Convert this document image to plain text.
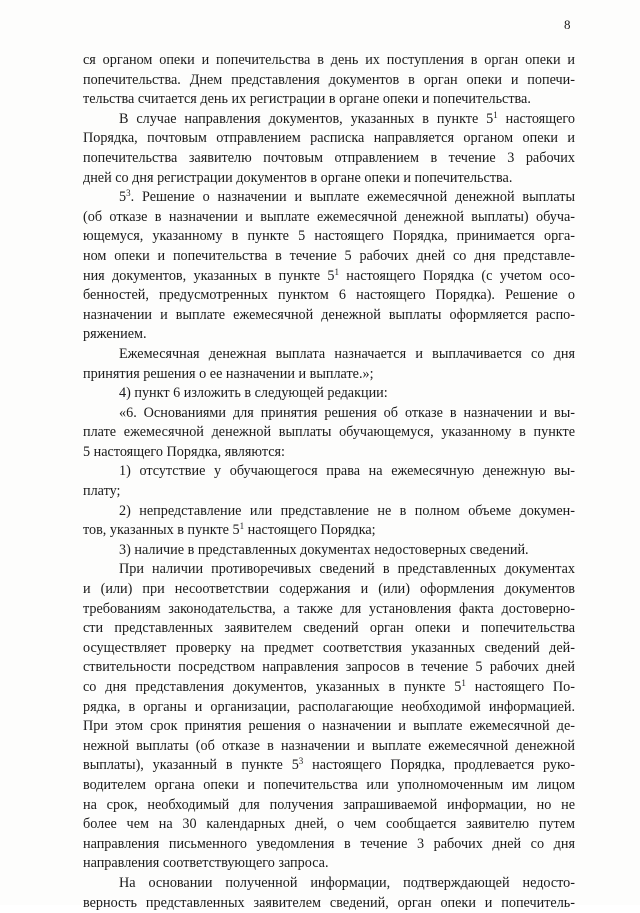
8
ся органом опеки и попечительства в день их поступления в орган опеки и
попечительства. Днем представления документов в орган опеки и попечи-
тельства считается день их регистрации в органе опеки и попечительства.
В случае направления документов, указанных в пункте $5^1$ настоящего
Порядка, почтовым отправлением расписка направляется органом опеки и
попечительства заявителю почтовым отправлением в течение 3 рабочих
дней со дня регистрации документов в органе опеки и попечительства.
$5^3$. Решение о назначении и выплате ежемесячной денежной выплаты
(об отказе в назначении и выплате ежемесячной денежной выплаты) обуча-
ющемуся, указанному в пункте 5 настоящего Порядка, принимается орга-
ном опеки и попечительства в течение 5 рабочих дней со дня представле-
ния документов, указанных в пункте $5^1$ настоящего Порядка (с учетом осо-
бенностей, предусмотренных пунктом 6 настоящего Порядка). Решение о
назначении и выплате ежемесячной денежной выплаты оформляется распо-
ряжением.
Ежемесячная денежная выплата назначается и выплачивается со дня
принятия решения о ее назначении и выплате.»;
4) пункт 6 изложить в следующей редакции:
«6. Основаниями для принятия решения об отказе в назначении и вы-
плате ежемесячной денежной выплаты обучающемуся, указанному в пункте
5 настоящего Порядка, являются:
1) отсутствие у обучающегося права на ежемесячную денежную вы-
плату;
2) непредставление или представление не в полном объеме докумен-
тов, указанных в пункте $5^1$ настоящего Порядка;
3) наличие в представленных документах недостоверных сведений.
При наличии противоречивых сведений в представленных документах
и (или) при несоответствии содержания и (или) оформления документов
требованиям законодательства, а также для установления факта достоверно-
сти представленных заявителем сведений орган опеки и попечительства
осуществляет проверку на предмет соответствия указанных сведений дей-
ствительности посредством направления запросов в течение 5 рабочих дней
со дня представления документов, указанных в пункте $5^1$ настоящего По-
рядка, в органы и организации, располагающие необходимой информацией.
При этом срок принятия решения о назначении и выплате ежемесячной де-
нежной выплаты (об отказе в назначении и выплате ежемесячной денежной
выплаты), указанный в пункте $5^3$ настоящего Порядка, продлевается руко-
водителем органа опеки и попечительства или уполномоченным им лицом
на срок, необходимый для получения запрашиваемой информации, но не
более чем на 30 календарных дней, о чем сообщается заявителю путем
направления письменного уведомления в течение 3 рабочих дней со дня
направления соответствующего запроса.
На основании полученной информации, подтверждающей недосто-
верность представленных заявителем сведений, орган опеки и попечитель-
